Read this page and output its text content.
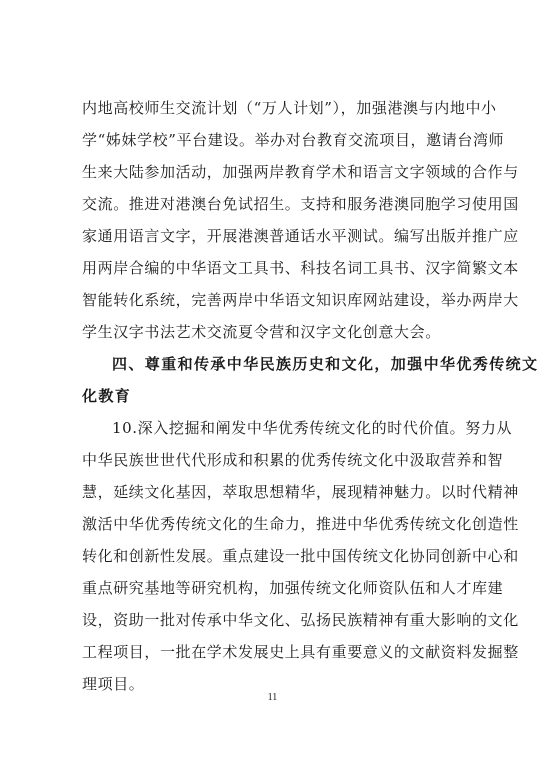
内地高校师生交流计划（“万人计划”），加强港澳与内地中小
学“姊妹学校”平台建设。举办对台教育交流项目，邀请台湾师
生来大陆参加活动，加强两岸教育学术和语言文字领域的合作与
交流。推进对港澳台免试招生。支持和服务港澳同胞学习使用国
家通用语言文字，开展港澳普通话水平测试。编写出版并推广应
用两岸合编的中华语文工具书、科技名词工具书、汉字简繁文本
智能转化系统，完善两岸中华语文知识库网站建设，举办两岸大
学生汉字书法艺术交流夏令营和汉字文化创意大会。
四、尊重和传承中华民族历史和文化，加强中华优秀传统文
化教育
10.深入挖掘和阐发中华优秀传统文化的时代价值。努力从
中华民族世世代代形成和积累的优秀传统文化中汲取营养和智
慧，延续文化基因，萃取思想精华，展现精神魅力。以时代精神
激活中华优秀传统文化的生命力，推进中华优秀传统文化创造性
转化和创新性发展。重点建设一批中国传统文化协同创新中心和
重点研究基地等研究机构，加强传统文化师资队伍和人才库建
设，资助一批对传承中华文化、弘扬民族精神有重大影响的文化
工程项目，一批在学术发展史上具有重要意义的文献资料发掘整
理项目。
11
